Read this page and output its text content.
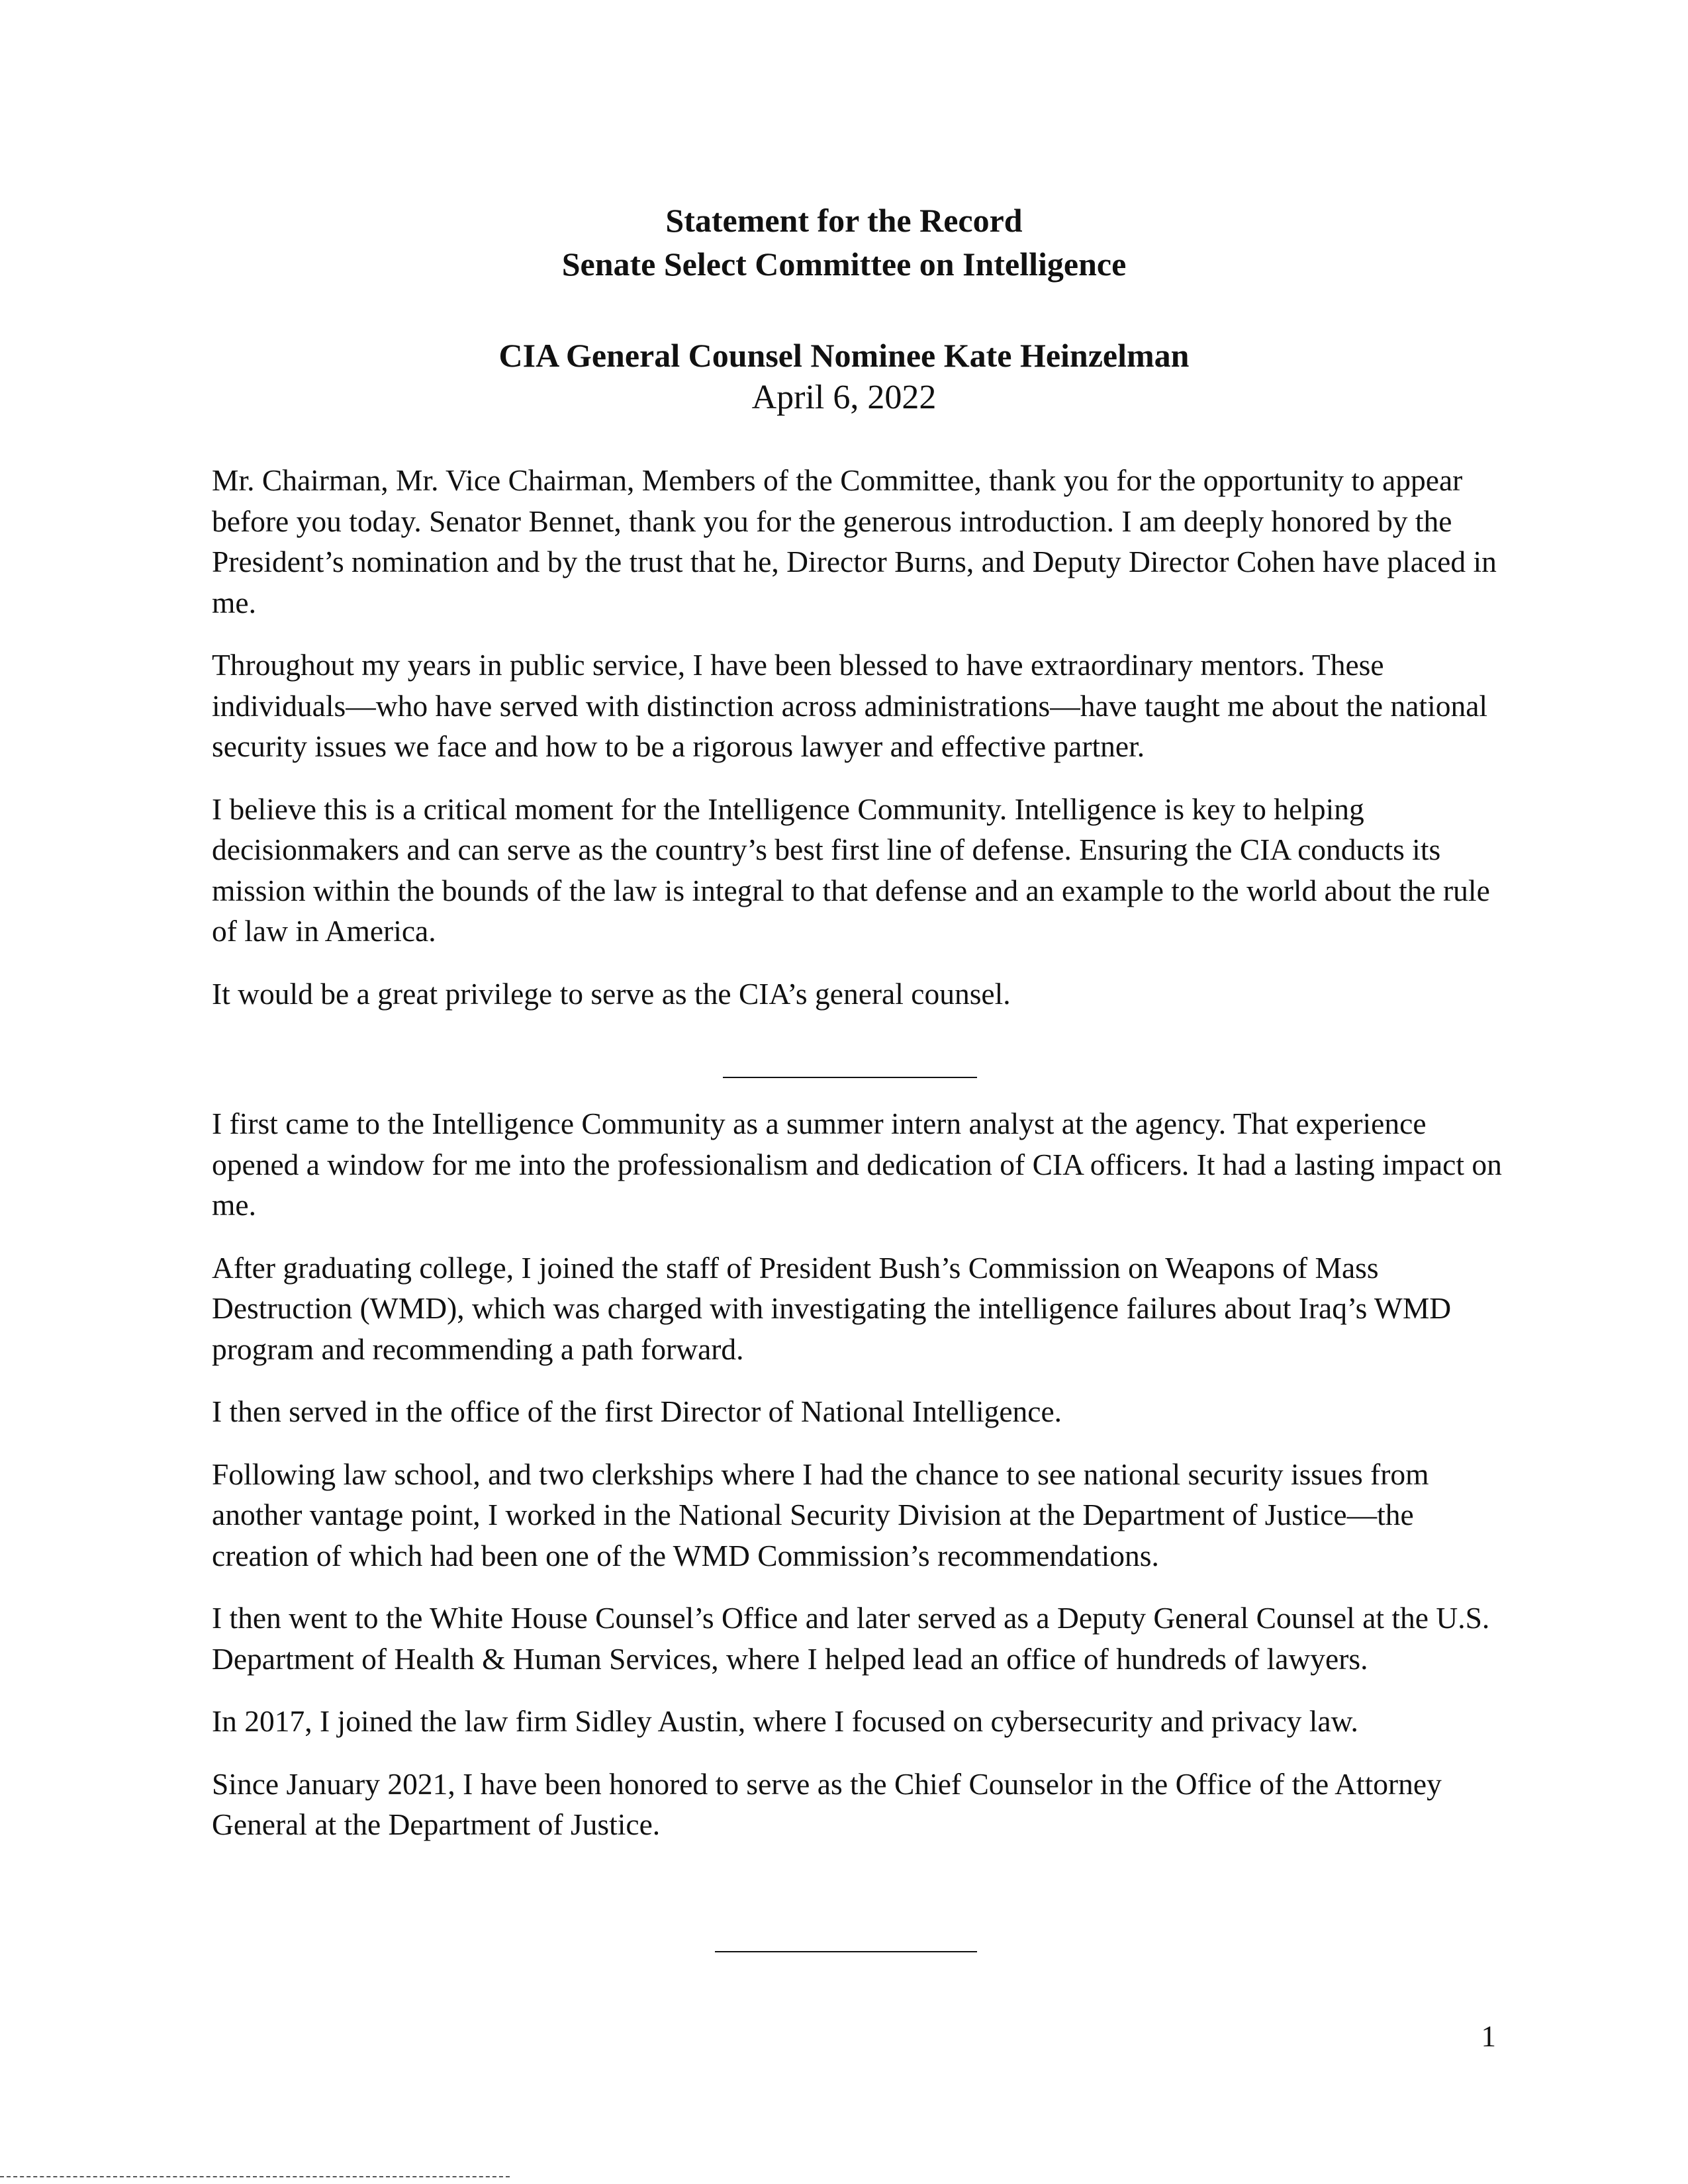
Statement for the Record
Senate Select Committee on Intelligence
CIA General Counsel Nominee Kate Heinzelman
April 6, 2022

Mr. Chairman, Mr. Vice Chairman, Members of the Committee, thank you for the opportunity to appear before you today. Senator Bennet, thank you for the generous introduction. I am deeply honored by the President’s nomination and by the trust that he, Director Burns, and Deputy Director Cohen have placed in me.

Throughout my years in public service, I have been blessed to have extraordinary mentors. These individuals—who have served with distinction across administrations—have taught me about the national security issues we face and how to be a rigorous lawyer and effective partner.

I believe this is a critical moment for the Intelligence Community. Intelligence is key to helping decisionmakers and can serve as the country’s best first line of defense. Ensuring the CIA conducts its mission within the bounds of the law is integral to that defense and an example to the world about the rule of law in America.

It would be a great privilege to serve as the CIA’s general counsel.

I first came to the Intelligence Community as a summer intern analyst at the agency. That experience opened a window for me into the professionalism and dedication of CIA officers. It had a lasting impact on me.

After graduating college, I joined the staff of President Bush’s Commission on Weapons of Mass Destruction (WMD), which was charged with investigating the intelligence failures about Iraq’s WMD program and recommending a path forward.

I then served in the office of the first Director of National Intelligence.

Following law school, and two clerkships where I had the chance to see national security issues from another vantage point, I worked in the National Security Division at the Department of Justice—the creation of which had been one of the WMD Commission’s recommendations.

I then went to the White House Counsel’s Office and later served as a Deputy General Counsel at the U.S. Department of Health & Human Services, where I helped lead an office of hundreds of lawyers.

In 2017, I joined the law firm Sidley Austin, where I focused on cybersecurity and privacy law.

Since January 2021, I have been honored to serve as the Chief Counselor in the Office of the Attorney General at the Department of Justice.

1
